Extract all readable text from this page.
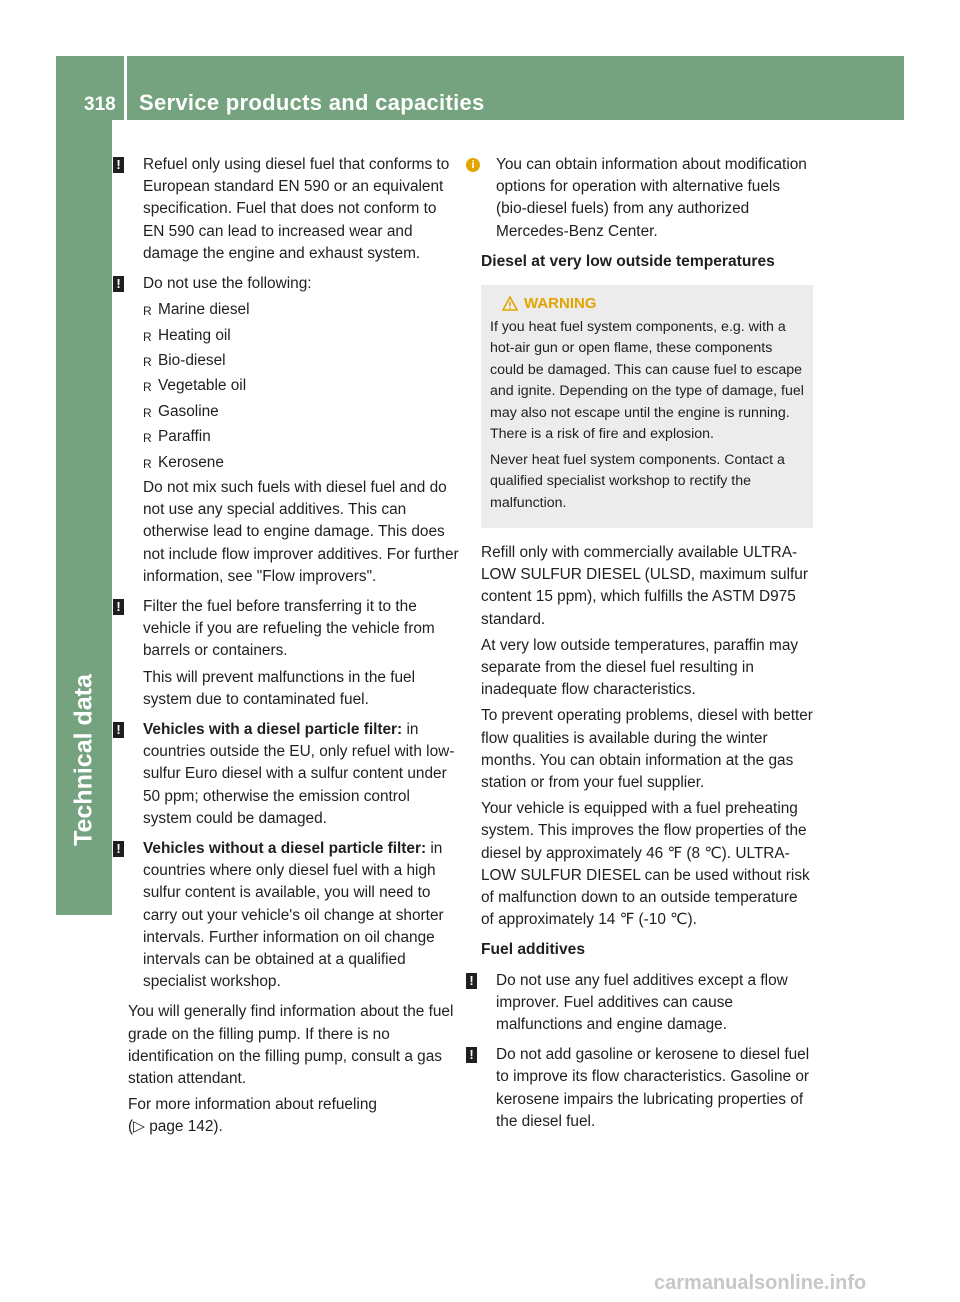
318 Service products and capacities
Technical data
! Refuel only using diesel fuel that conforms to European standard EN 590 or an equivalent specification. Fuel that does not conform to EN 590 can lead to increased wear and damage the engine and exhaust system.

! Do not use the following:

R Marine diesel
R Heating oil
R Bio-diesel
R Vegetable oil
R Gasoline
R Paraffin
R Kerosene

Do not mix such fuels with diesel fuel and do not use any special additives. This can otherwise lead to engine damage. This does not include flow improver additives. For further information, see "Flow improvers".

! Filter the fuel before transferring it to the vehicle if you are refueling the vehicle from barrels or containers.

This will prevent malfunctions in the fuel system due to contaminated fuel.

! Vehicles with a diesel particle filter: in countries outside the EU, only refuel with low-sulfur Euro diesel with a sulfur content under 50 ppm; otherwise the emission control system could be damaged.

! Vehicles without a diesel particle filter: in countries where only diesel fuel with a high sulfur content is available, you will need to carry out your vehicle's oil change at shorter intervals. Further information on oil change intervals can be obtained at a qualified specialist workshop.

You will generally find information about the fuel grade on the filling pump. If there is no identification on the filling pump, consult a gas station attendant.

For more information about refueling
(▷ page 142).

i	You can obtain information about modification options for operation with alternative fuels (bio-diesel fuels) from any authorized Mercedes-Benz Center.

Diesel at very low outside temperatures
WARNING

If you heat fuel system components, e.g. with a hot-air gun or open flame, these components could be damaged. This can cause fuel to escape and ignite. Depending on the type of damage, fuel may also not escape until the engine is running. There is a risk of fire and explosion.

Never heat fuel system components. Contact a qualified specialist workshop to rectify the malfunction.

Refill only with commercially available ULTRA-LOW SULFUR DIESEL (ULSD, maximum sulfur content 15 ppm), which fulfills the ASTM D975 standard.

At very low outside temperatures, paraffin may separate from the diesel fuel resulting in inadequate flow characteristics.

To prevent operating problems, diesel with better flow qualities is available during the winter months. You can obtain information at the gas station or from your fuel supplier.

Your vehicle is equipped with a fuel preheating system. This improves the flow properties of the diesel by approximately 46 ℉ (8 ℃). ULTRA-LOW SULFUR DIESEL can be used without risk of malfunction down to an outside temperature of approximately 14 ℉ (‑10 ℃).

Fuel additives
! Do not use any fuel additives except a flow improver. Fuel additives can cause malfunctions and engine damage.

! Do not add gasoline or kerosene to diesel fuel to improve its flow characteristics. Gasoline or kerosene impairs the lubricating properties of the diesel fuel.

carmanualsonline.info
